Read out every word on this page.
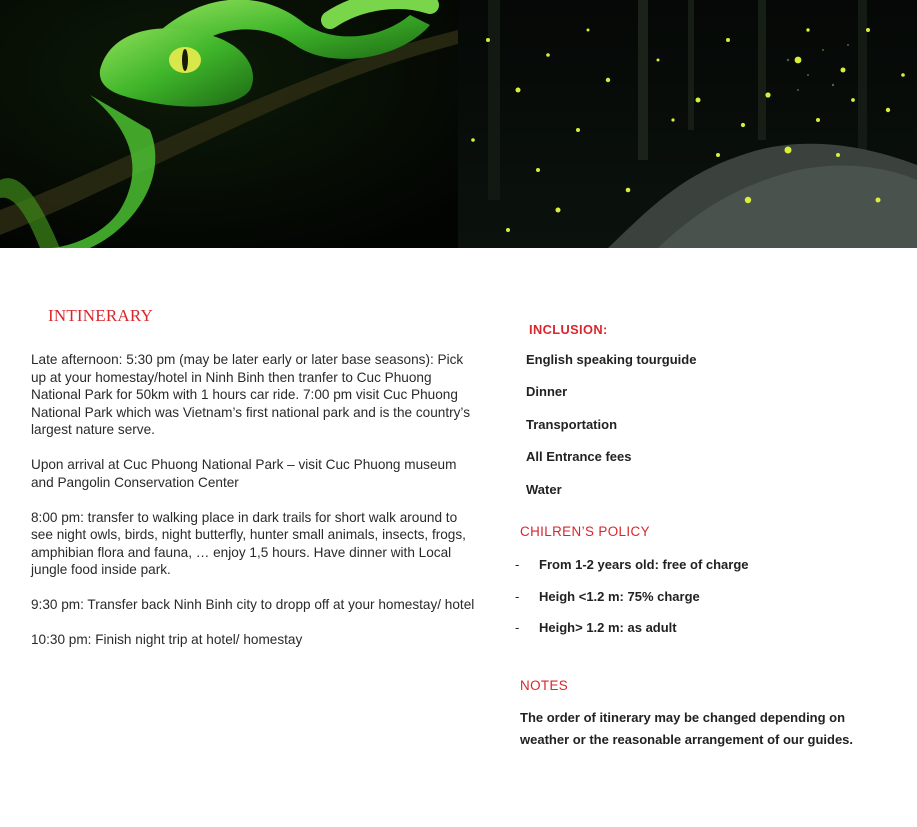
INTINERARY

Late afternoon: 5:30 pm (may be later early or later base seasons): Pick up at your homestay/hotel in Ninh Binh then tranfer to Cuc Phuong National Park for 50km with 1 hours car ride. 7:00 pm visit Cuc Phuong National Park which was Vietnam’s first national park and is the country’s largest nature serve.

Upon arrival at Cuc Phuong National Park – visit Cuc Phuong museum and Pangolin Conservation Center

8:00 pm: transfer to walking place in dark trails for short walk around to see night owls, birds, night butterfly, hunter small animals, insects, frogs, amphibian flora and fauna, … enjoy 1,5 hours. Have dinner with Local jungle food inside park.

9:30 pm: Transfer back Ninh Binh city to dropp off at your homestay/ hotel

10:30 pm: Finish night trip at hotel/ homestay

INCLUSION:
English speaking tourguide
Dinner
Transportation
All Entrance fees
Water
CHILREN’S POLICY
-	From 1-2 years old: free of charge
-	Heigh <1.2 m: 75% charge
-	Heigh> 1.2 m: as adult
NOTES
The order of itinerary may be changed depending on weather or the reasonable arrangement of our guides.
